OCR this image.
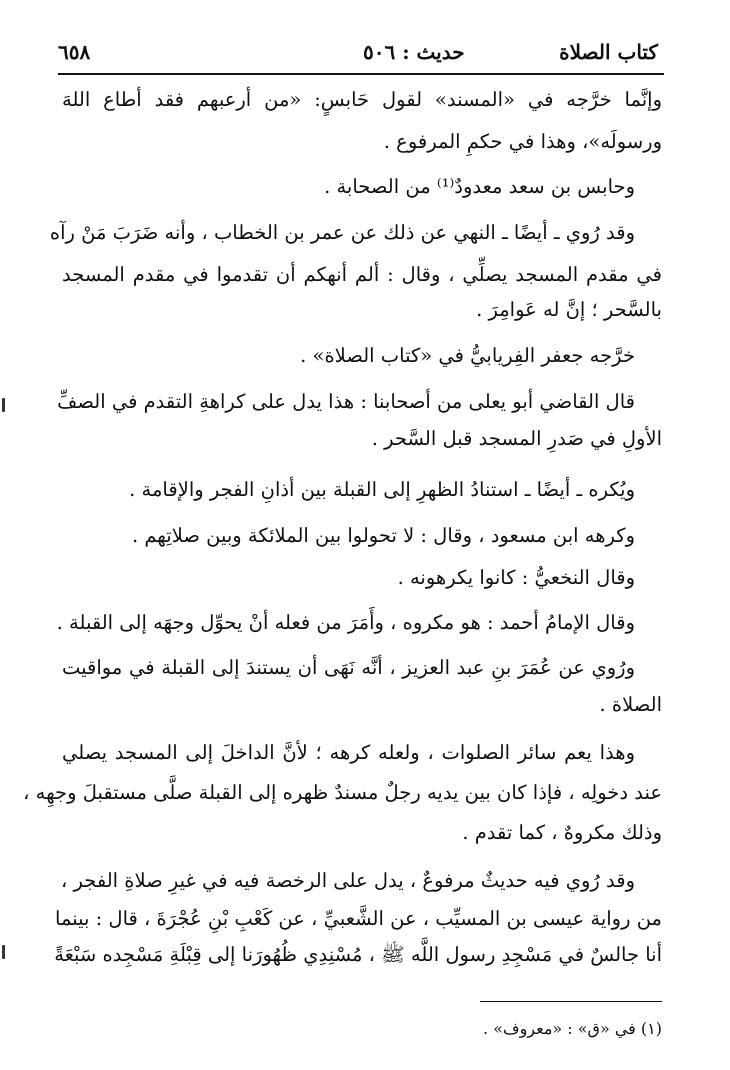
٦٥٨	حديث : ٥٠٦	كتاب الصلاة
وإنَّما خرَّجه في «المسند» لقول حَابسٍ: «من أرعبهم فقد أطاع اللهَ
ورسولَه»، وهذا في حكمِ المرفوع .
وحابس بن سعد معدودٌ⁽¹⁾ من الصحابة .
وقد رُوي ـ أيضًا ـ النهي عن ذلك عن عمر بن الخطاب ، وأنه ضَرَبَ مَنْ رآه
في مقدم المسجد يصلِّي ، وقال : ألم أنهكم أن تقدموا في مقدم المسجد
بالسَّحر ؛ إنَّ له عَوامِرَ .
خرَّجه جعفر الفِريابيُّ في «كتاب الصلاة» .
قال القاضي أبو يعلى من أصحابنا : هذا يدل على كراهةِ التقدم في الصفِّ
الأولِ في صَدرِ المسجد قبل السَّحر .
ويُكره ـ أيضًا ـ استنادُ الظهرِ إلى القبلة بين أذانِ الفجر والإقامة .
وكرهه ابن مسعود ، وقال : لا تحولوا بين الملائكة وبين صلاتِهم .
وقال النخعيُّ : كانوا يكرهونه .
وقال الإمامُ أحمد : هو مكروه ، وأَمَرَ من فعله أنْ يحوِّل وجهَه إلى القبلة .
ورُوي عن عُمَرَ بنِ عبد العزيز ، أنَّه نَهَى أن يستندَ إلى القبلة في مواقيت
الصلاة .
وهذا يعم سائر الصلوات ، ولعله كرهه ؛ لأنَّ الداخلَ إلى المسجد يصلي
عند دخولِه ، فإذا كان بين يديه رجلٌ مسندٌ ظهره إلى القبلة صلَّى مستقبلَ وجهِه ،
وذلك مكروهٌ ، كما تقدم .
وقد رُوي فيه حديثٌ مرفوعٌ ، يدل على الرخصة فيه في غيرِ صلاةِ الفجر ،
من رواية عيسى بن المسيِّب ، عن الشَّعبيِّ ، عن كَعْبِ بْنِ عُجْرَةَ ، قال : بينما
أنا جالسٌ في مَسْجِدِ رسول اللَّه ﷺ ، مُسْنِدِي ظُهُورَنا إلى قِبْلَةِ مَسْجِده سَبْعَةً
(١) في «ق» : «معروف» .
